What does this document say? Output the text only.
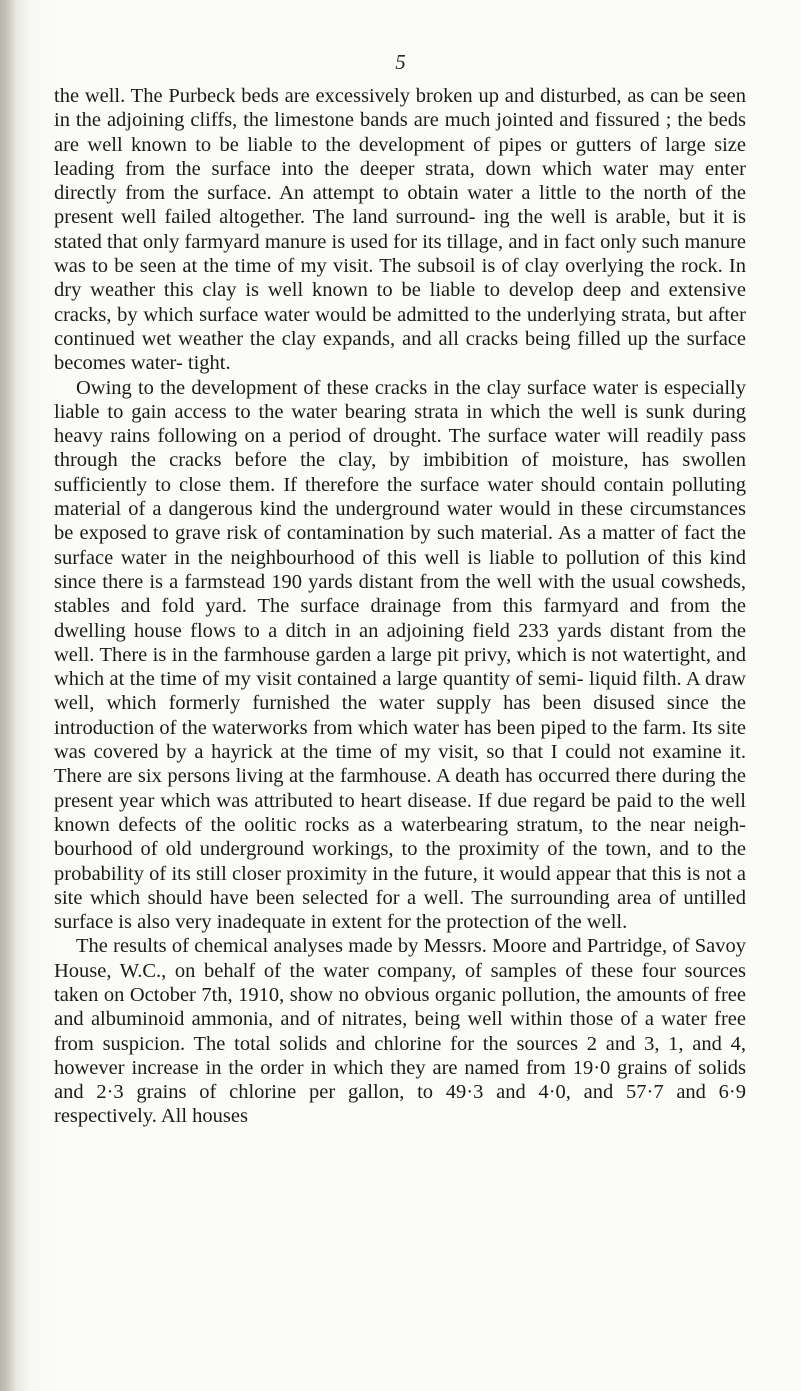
5

the well. The Purbeck beds are excessively broken up and disturbed, as can be seen in the adjoining cliffs, the limestone bands are much jointed and fissured ; the beds are well known to be liable to the development of pipes or gutters of large size leading from the surface into the deeper strata, down which water may enter directly from the surface. An attempt to obtain water a little to the north of the present well failed altogether. The land surround- ing the well is arable, but it is stated that only farmyard manure is used for its tillage, and in fact only such manure was to be seen at the time of my visit. The subsoil is of clay overlying the rock. In dry weather this clay is well known to be liable to develop deep and extensive cracks, by which surface water would be admitted to the underlying strata, but after continued wet weather the clay expands, and all cracks being filled up the surface becomes water- tight.

Owing to the development of these cracks in the clay surface water is especially liable to gain access to the water bearing strata in which the well is sunk during heavy rains following on a period of drought. The surface water will readily pass through the cracks before the clay, by imbibition of moisture, has swollen sufficiently to close them. If therefore the surface water should contain polluting material of a dangerous kind the underground water would in these circumstances be exposed to grave risk of contamination by such material. As a matter of fact the surface water in the neighbourhood of this well is liable to pollution of this kind since there is a farmstead 190 yards distant from the well with the usual cowsheds, stables and fold yard. The surface drainage from this farmyard and from the dwelling house flows to a ditch in an adjoining field 233 yards distant from the well. There is in the farmhouse garden a large pit privy, which is not watertight, and which at the time of my visit contained a large quantity of semi- liquid filth. A draw well, which formerly furnished the water supply has been disused since the introduction of the waterworks from which water has been piped to the farm. Its site was covered by a hayrick at the time of my visit, so that I could not examine it. There are six persons living at the farmhouse. A death has occurred there during the present year which was attributed to heart disease. If due regard be paid to the well known defects of the oolitic rocks as a waterbearing stratum, to the near neigh- bourhood of old underground workings, to the proximity of the town, and to the probability of its still closer proximity in the future, it would appear that this is not a site which should have been selected for a well. The surrounding area of untilled surface is also very inadequate in extent for the protection of the well.

The results of chemical analyses made by Messrs. Moore and Partridge, of Savoy House, W.C., on behalf of the water company, of samples of these four sources taken on October 7th, 1910, show no obvious organic pollution, the amounts of free and albuminoid ammonia, and of nitrates, being well within those of a water free from suspicion. The total solids and chlorine for the sources 2 and 3, 1, and 4, however increase in the order in which they are named from 19·0 grains of solids and 2·3 grains of chlorine per gallon, to 49·3 and 4·0, and 57·7 and 6·9 respectively. All houses
